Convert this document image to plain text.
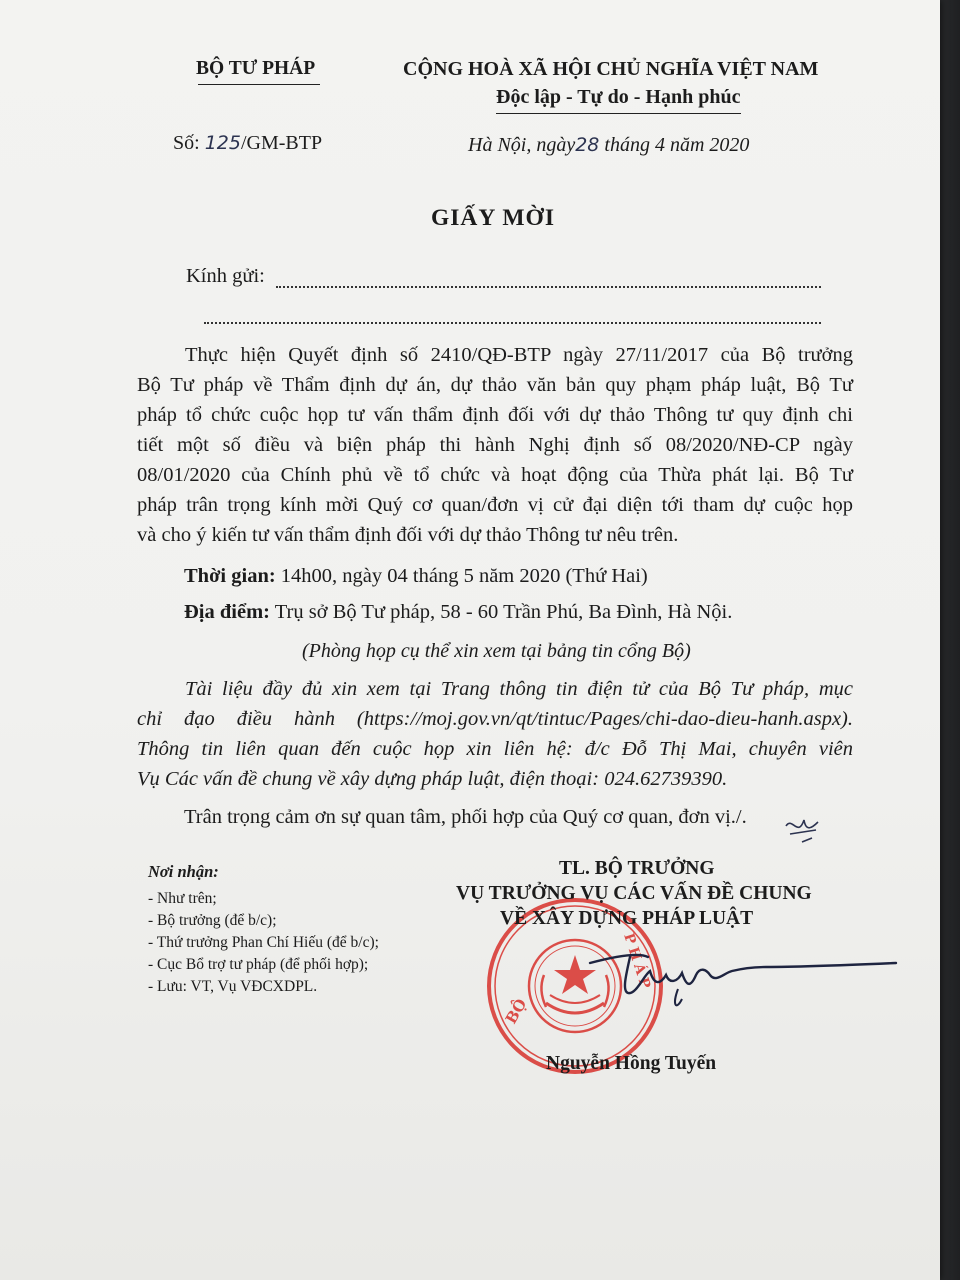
BỘ TƯ PHÁP	CỘNG HOÀ XÃ HỘI CHỦ NGHĨA VIỆT NAM
Độc lập - Tự do - Hạnh phúc
Số: 125/GM-BTP	Hà Nội, ngày28 tháng 4 năm 2020
GIẤY MỜI
Kính gửi:
Thực hiện Quyết định số 2410/QĐ-BTP ngày 27/11/2017 của Bộ trưởng
Bộ Tư pháp về Thẩm định dự án, dự thảo văn bản quy phạm pháp luật, Bộ Tư
pháp tổ chức cuộc họp tư vấn thẩm định đối với dự thảo Thông tư quy định chi
tiết một số điều và biện pháp thi hành Nghị định số 08/2020/NĐ-CP ngày
08/01/2020 của Chính phủ về tổ chức và hoạt động của Thừa phát lại. Bộ Tư
pháp trân trọng kính mời Quý cơ quan/đơn vị cử đại diện tới tham dự cuộc họp
và cho ý kiến tư vấn thẩm định đối với dự thảo Thông tư nêu trên.
Thời gian: 14h00, ngày 04 tháng 5 năm 2020 (Thứ Hai)
Địa điểm: Trụ sở Bộ Tư pháp, 58 - 60 Trần Phú, Ba Đình, Hà Nội.
(Phòng họp cụ thể xin xem tại bảng tin cổng Bộ)
Tài liệu đầy đủ xin xem tại Trang thông tin điện tử của Bộ Tư pháp, mục
chỉ đạo điều hành (https://moj.gov.vn/qt/tintuc/Pages/chi-dao-dieu-hanh.aspx).
Thông tin liên quan đến cuộc họp xin liên hệ: đ/c Đỗ Thị Mai, chuyên viên
Vụ Các vấn đề chung về xây dựng pháp luật, điện thoại: 024.62739390.
Trân trọng cảm ơn sự quan tâm, phối hợp của Quý cơ quan, đơn vị./.
Nơi nhận:
- Như trên;
- Bộ trưởng (để b/c);
- Thứ trưởng Phan Chí Hiếu (để b/c);
- Cục Bổ trợ tư pháp (để phối hợp);
- Lưu: VT, Vụ VĐCXDPL.
BỘ
PHÁP
TL. BỘ TRƯỞNG
VỤ TRƯỞNG VỤ CÁC VẤN ĐỀ CHUNG
VỀ XÂY DỰNG PHÁP LUẬT
Nguyễn Hồng Tuyến
